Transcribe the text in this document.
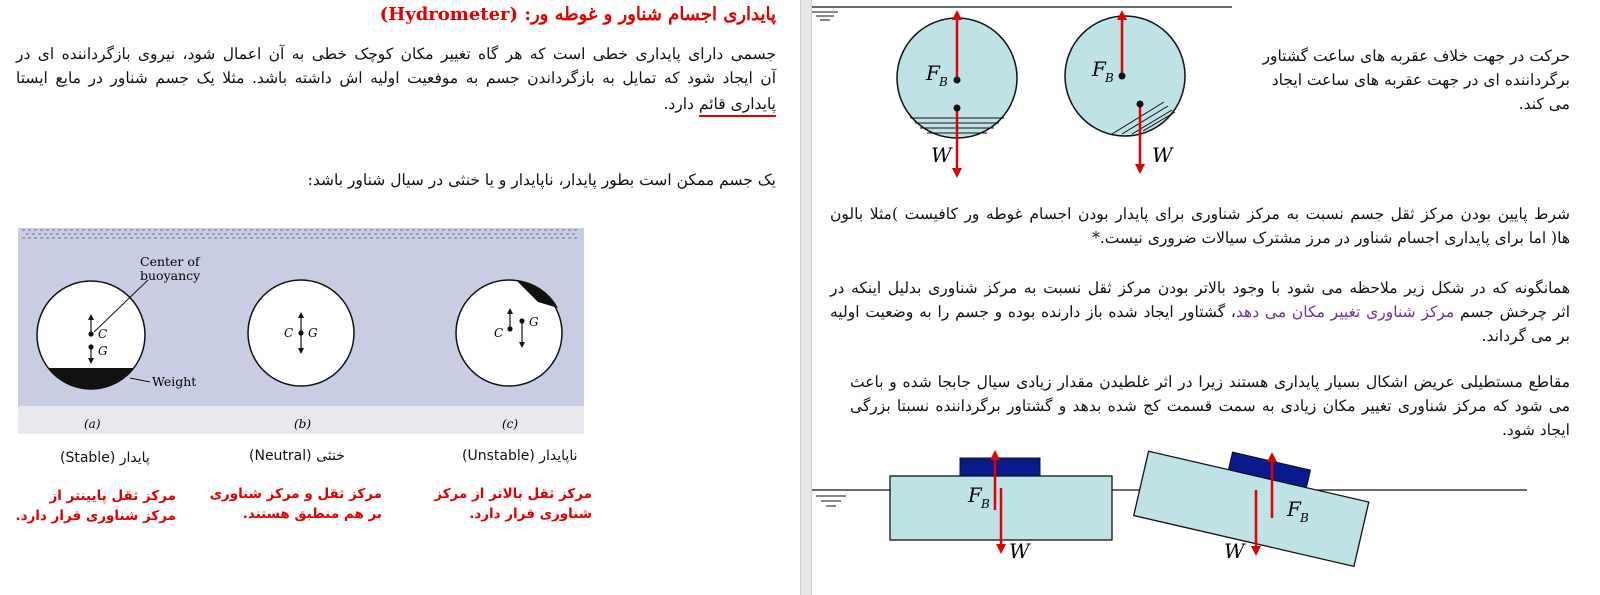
پایداری اجسام شناور و غوطه ور: (Hydrometer)
جسمی دارای پایداری خطی است که هر گاه تغییر مکان کوچک خطی به آن اعمال شود، نیروی بازگرداننده ای در
آن ایجاد شود که تمایل به بازگرداندن جسم به موفعیت اولیه اش داشته باشد. مثلا یک جسم شناور در مایع ایستا
پایداری قائم دارد.
یک جسم ممکن است بطور پایدار، ناپایدار و یا خنثی در سیال شناور باشد:
C
G
Center of
buoyancy
Weight
(a)
C G
(b)
C
G
(c)
پایدار (Stable)	خنثی (Neutral)	ناپایدار (Unstable)
مرکز ثقل پایینتر از
مرکز شناوری قرار دارد.
مرکز ثقل و مرکز شناوری
بر هم منطبق هستند.
مرکز ثقل بالاتر از مرکز
شناوری قرار دارد.
F B
W
F B
W
حرکت در جهت خلاف عقربه های ساعت گشتاور
برگرداننده ای در جهت عقربه های ساعت ایجاد
می کند.
شرط پایین بودن مرکز ثقل جسم نسبت به مرکز شناوری برای پایدار بودن اجسام غوطه ور کافیست )مثلا بالون
ها( اما برای پایداری اجسام شناور در مرز مشترک سیالات ضروری نیست.*
همانگونه که در شکل زیر ملاحظه می شود با وجود بالاتر بودن مرکز ثقل نسبت به مرکز شناوری بدلیل اینکه در
اثر چرخش جسم مرکز شناوری تغییر مکان می دهد، گشتاور ایجاد شده باز دارنده بوده و جسم را به وضعیت اولیه
بر می گرداند.
مقاطع مستطیلی عریض اشکال بسیار پایداری هستند زیرا در اثر غلطیدن مقدار زیادی سیال جابجا شده و باعث
می شود که مرکز شناوری تغییر مکان زیادی به سمت قسمت کج شده بدهد و گشتاور برگرداننده نسبتا بزرگی
ایجاد شود.
F B
W
F B
W
